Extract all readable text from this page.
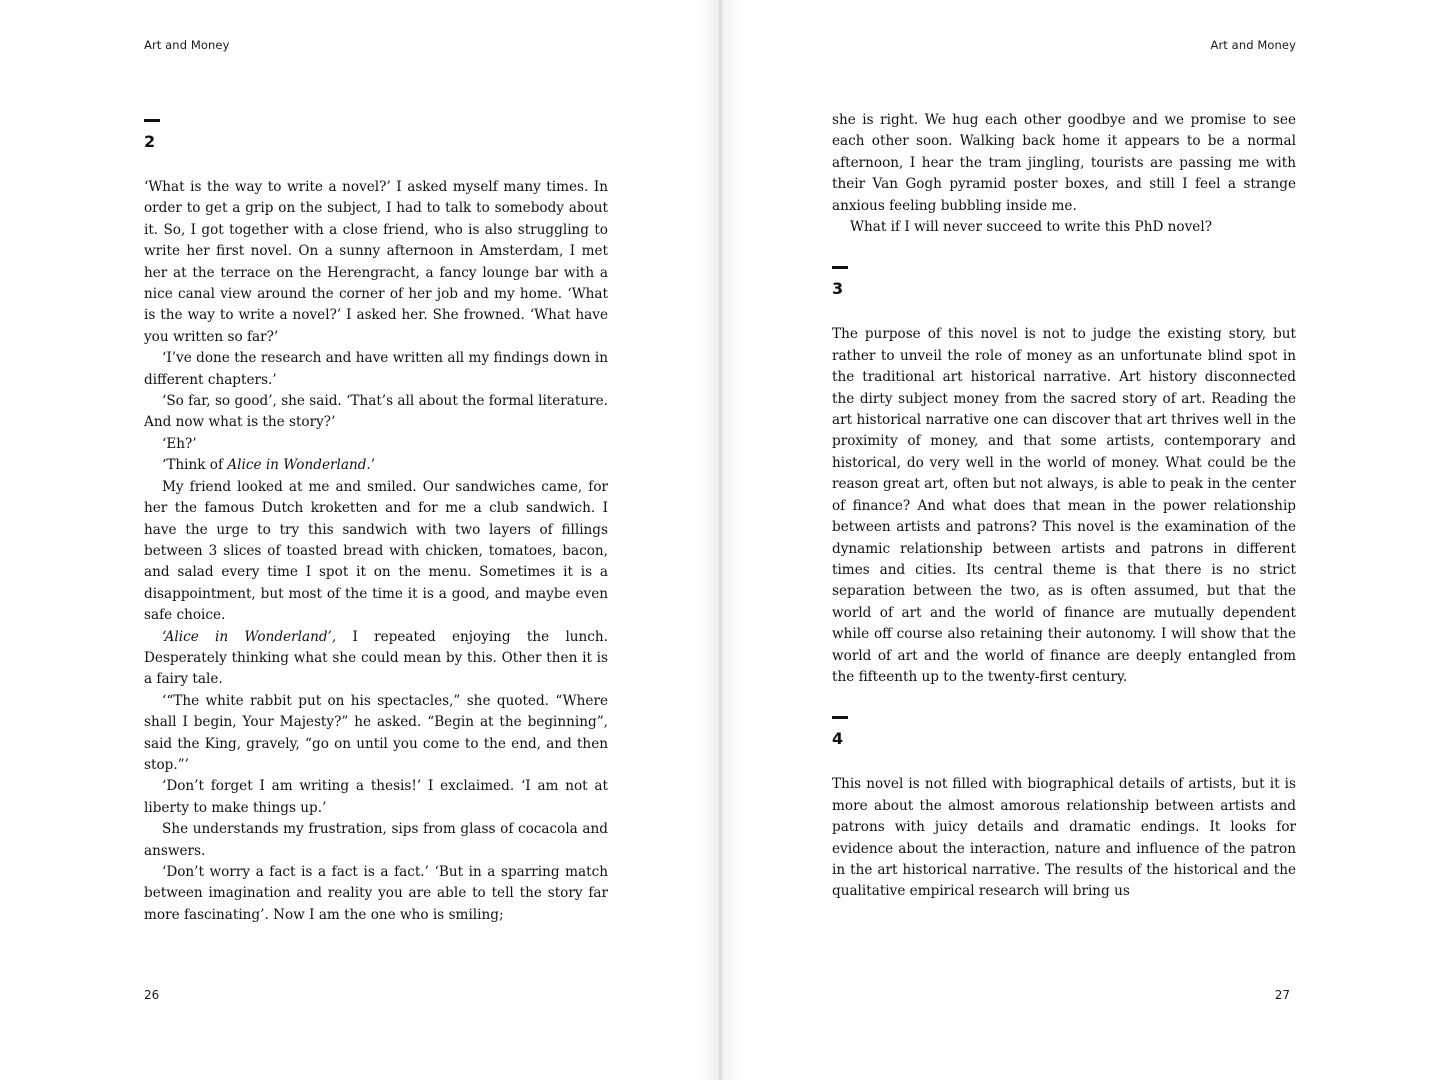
Art and Money
2

‘What is the way to write a novel?’ I asked myself many times. In order to get a grip on the subject, I had to talk to somebody about it. So, I got together with a close friend, who is also struggling to write her first novel. On a sunny afternoon in Amsterdam, I met her at the terrace on the Herengracht, a fancy lounge bar with a nice canal view around the corner of her job and my home. ‘What is the way to write a novel?’ I asked her. She frowned. ‘What have you written so far?’

‘I’ve done the research and have written all my findings down in different chapters.’

‘So far, so good’, she said. ‘That’s all about the formal literature. And now what is the story?’

‘Eh?’

‘Think of Alice in Wonderland.’

My friend looked at me and smiled. Our sandwiches came, for her the famous Dutch kroketten and for me a club sandwich. I have the urge to try this sandwich with two layers of fillings between 3 slices of toasted bread with chicken, tomatoes, bacon, and salad every time I spot it on the menu. Sometimes it is a disappointment, but most of the time it is a good, and maybe even safe choice.

‘Alice in Wonderland’, I repeated enjoying the lunch. Desperately thinking what she could mean by this. Other then it is a fairy tale.

‘“The white rabbit put on his spectacles,” she quoted. “Where shall I begin, Your Majesty?” he asked. “Begin at the beginning”, said the King, gravely, “go on until you come to the end, and then stop.”’

‘Don’t forget I am writing a thesis!’ I exclaimed. ‘I am not at liberty to make things up.’

She understands my frustration, sips from glass of cocacola and answers.

‘Don’t worry a fact is a fact is a fact.’ ‘But in a sparring match between imagination and reality you are able to tell the story far more fascinating’. Now I am the one who is smiling;

26
Art and Money

she is right. We hug each other goodbye and we promise to see each other soon. Walking back home it appears to be a normal afternoon, I hear the tram jingling, tourists are passing me with their Van Gogh pyramid poster boxes, and still I feel a strange anxious feeling bubbling inside me.

What if I will never succeed to write this PhD novel?

3

The purpose of this novel is not to judge the existing story, but rather to unveil the role of money as an unfortunate blind spot in the traditional art historical narrative. Art history disconnected the dirty subject money from the sacred story of art. Reading the art historical narrative one can discover that art thrives well in the proximity of money, and that some artists, contemporary and historical, do very well in the world of money. What could be the reason great art, often but not always, is able to peak in the center of finance? And what does that mean in the power relationship between artists and patrons? This novel is the examination of the dynamic relationship between artists and patrons in different times and cities. Its central theme is that there is no strict separation between the two, as is often assumed, but that the world of art and the world of finance are mutually dependent while off course also retaining their autonomy. I will show that the world of art and the world of finance are deeply entangled from the fifteenth up to the twenty-first century.

4

This novel is not filled with biographical details of artists, but it is more about the almost amorous relationship between artists and patrons with juicy details and dramatic endings. It looks for evidence about the interaction, nature and influence of the patron in the art historical narrative. The results of the historical and the qualitative empirical research will bring us

27
